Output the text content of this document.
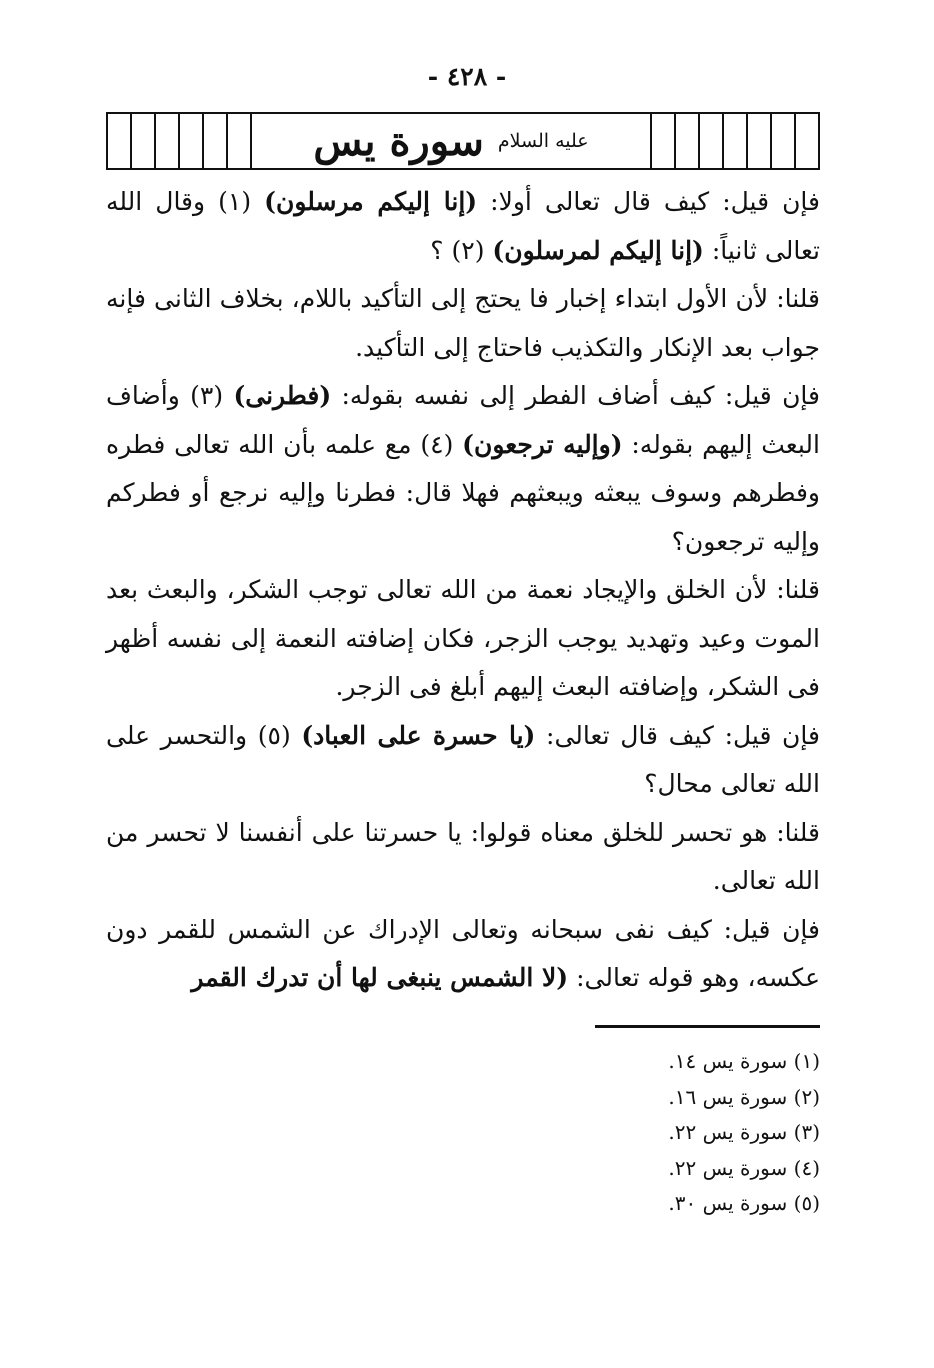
- ٤٢٨ -
سورة يس عليه السلام

فإن قيل: كيف قال تعالى أولا: (إنا إليكم مرسلون) (١) وقال الله تعالى ثانياً: (إنا إليكم لمرسلون) (٢) ؟

قلنا: لأن الأول ابتداء إخبار فا يحتج إلى التأكيد باللام، بخلاف الثانى فإنه جواب بعد الإنكار والتكذيب فاحتاج إلى التأكيد.

فإن قيل: كيف أضاف الفطر إلى نفسه بقوله: (فطرنى) (٣) وأضاف البعث إليهم بقوله: (وإليه ترجعون) (٤) مع علمه بأن الله تعالى فطره وفطرهم وسوف يبعثه ويبعثهم فهلا قال: فطرنا وإليه نرجع أو فطركم وإليه ترجعون؟

قلنا: لأن الخلق والإيجاد نعمة من الله تعالى توجب الشكر، والبعث بعد الموت وعيد وتهديد يوجب الزجر، فكان إضافته النعمة إلى نفسه أظهر فى الشكر، وإضافته البعث إليهم أبلغ فى الزجر.

فإن قيل: كيف قال تعالى: (يا حسرة على العباد) (٥) والتحسر على الله تعالى محال؟

قلنا: هو تحسر للخلق معناه قولوا: يا حسرتنا على أنفسنا لا تحسر من الله تعالى.

فإن قيل: كيف نفى سبحانه وتعالى الإدراك عن الشمس للقمر دون عكسه، وهو قوله تعالى: (لا الشمس ينبغى لها أن تدرك القمر

(١) سورة يس ١٤.

(٢) سورة يس ١٦.

(٣) سورة يس ٢٢.

(٤) سورة يس ٢٢.

(٥) سورة يس ٣٠.
